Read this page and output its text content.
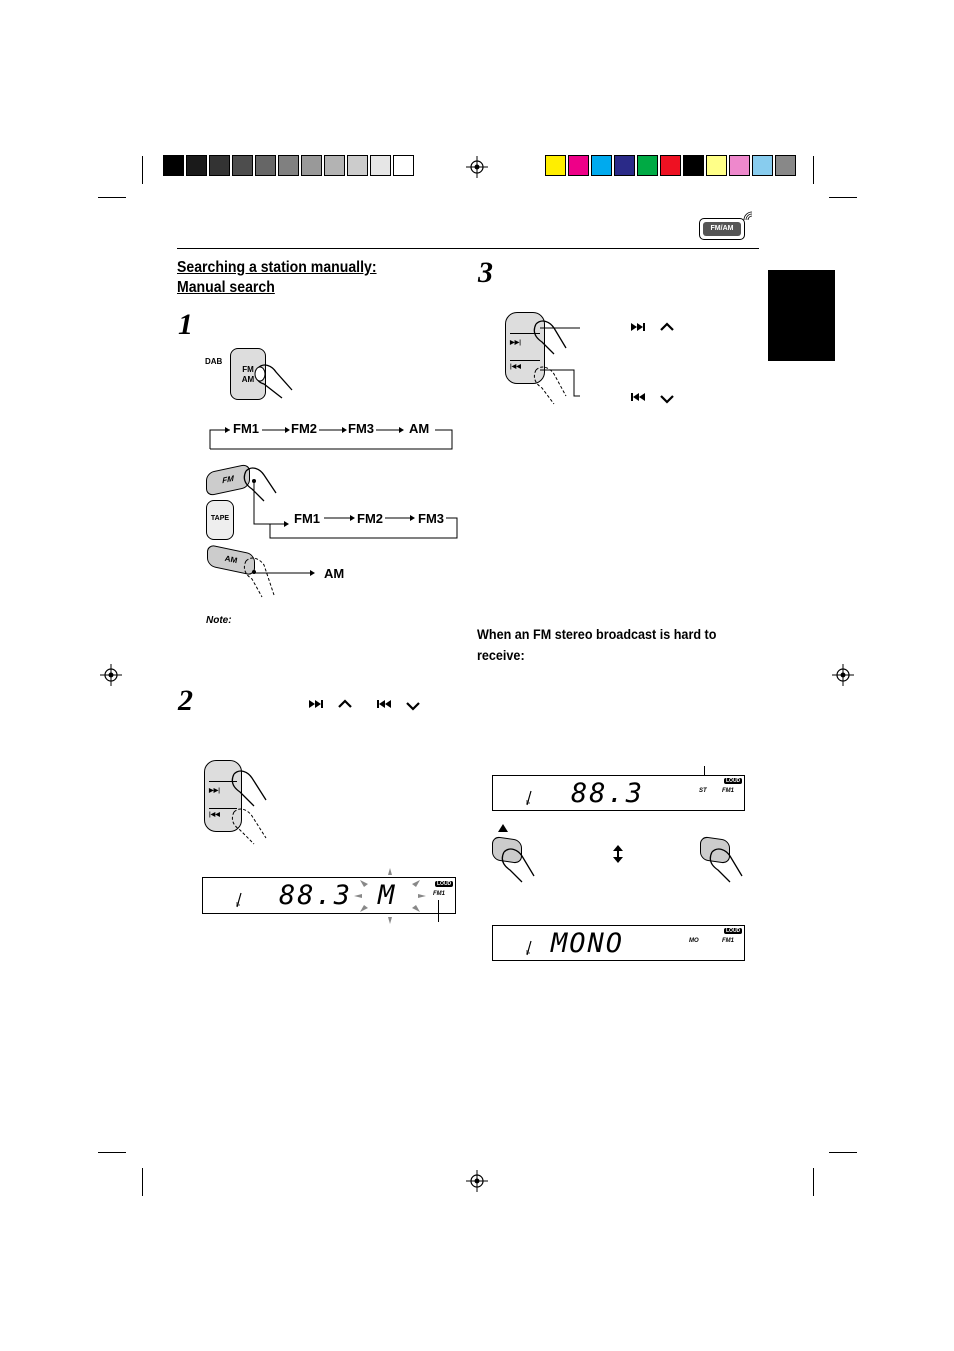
FM/AM
Searching a station manually:
Manual search
1
DAB
FM
AM
FM1 FM2 FM3	AM
FM
TAPE
AM
FM1	FM2	FM3
AM
Note:
2
▶▶|
|◀◀
88.3 M	LOUD
FM1
3
▶▶|
|◀◀
When an FM stereo broadcast is hard to
receive:
88.3	ST
LOUD
FM1
MONO	MO
LOUD
FM1
